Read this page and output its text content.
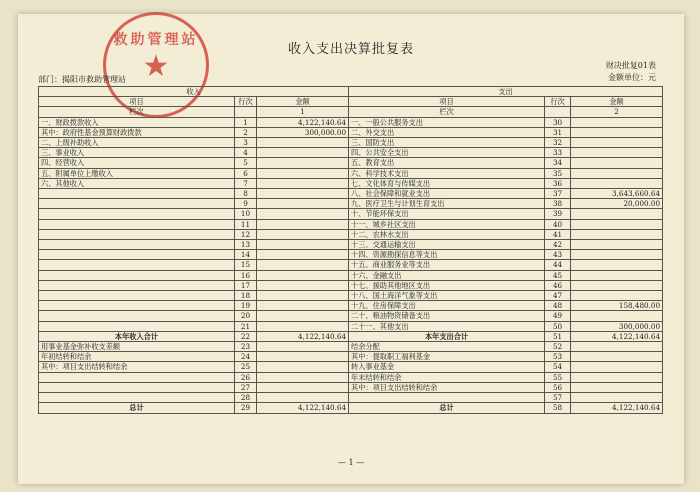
救助管理站
★	收入支出决算批复表
财决批复01表
金额单位：元
部门：揭阳市救助管理站
收入			支出		
项目	行次	金额	项目	行次	金额
栏次		1	栏次		2
一、财政拨款收入	1	4,122,140.64	一、一般公共服务支出	30	
其中：政府性基金预算财政拨款	2	300,000.00	二、外交支出	31	
二、上级补助收入	3		三、国防支出	32	
三、事业收入	4		四、公共安全支出	33	
四、经营收入	5		五、教育支出	34	
五、附属单位上缴收入	6		六、科学技术支出	35	
六、其他收入	7		七、文化体育与传媒支出	36	
	8		八、社会保障和就业支出	37	3,643,660.64
	9		九、医疗卫生与计划生育支出	38	20,000.00
	10		十、节能环保支出	39	
	11		十一、城乡社区支出	40	
	12		十二、农林水支出	41	
	13		十三、交通运输支出	42	
	14		十四、资源勘探信息等支出	43	
	15		十五、商业服务业等支出	44	
	16		十六、金融支出	45	
	17		十七、援助其他地区支出	46	
	18		十八、国土海洋气象等支出	47	
	19		十九、住房保障支出	48	158,480.00
	20		二十、粮油物资储备支出	49	
	21		二十一、其他支出	50	300,000.00
本年收入合计	22	4,122,140.64	本年支出合计	51	4,122,140.64
用事业基金弥补收支差额	23		结余分配	52	
年初结转和结余	24		其中：提取职工福利基金	53	
其中：项目支出结转和结余	25		转入事业基金	54	
	26		年末结转和结余	55	
	27		其中：项目支出结转和结余	56	
	28			57	
总计	29	4,122,140.64	总计	58	4,122,140.64
— 1 —
